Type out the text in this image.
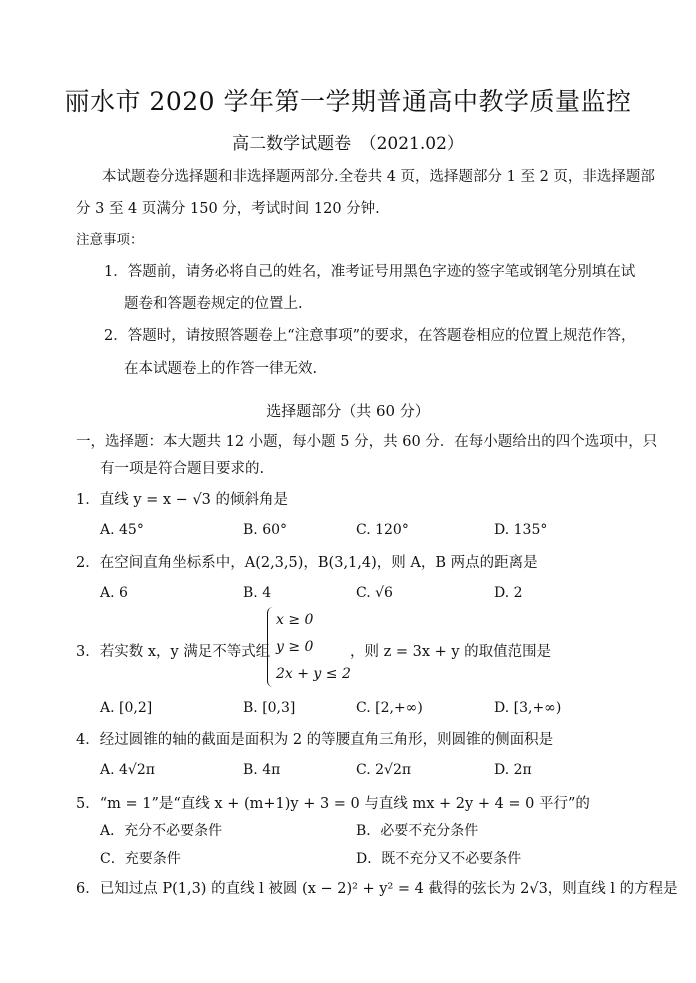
丽水市 2020 学年第一学期普通高中教学质量监控
高二数学试题卷　（2021.02）
本试题卷分选择题和非选择题两部分.全卷共 4 页，选择题部分 1 至 2 页，非选择题部
分 3 至 4 页满分 150 分，考试时间 120 分钟.
注意事项：
1．答题前，请务必将自己的姓名，准考证号用黑色字迹的签字笔或钢笔分别填在试
题卷和答题卷规定的位置上.
2．答题时，请按照答题卷上“注意事项”的要求，在答题卷相应的位置上规范作答，
在本试题卷上的作答一律无效.
选择题部分（共 60 分）
一，选择题：本大题共 12 小题，每小题 5 分，共 60 分．在每小题给出的四个选项中，只
有一项是符合题目要求的.
1．直线 y = x − √3 的倾斜角是
A. 45°	B. 60°	C. 120°	D. 135°
2．在空间直角坐标系中，A(2,3,5)，B(3,1,4)，则 A，B 两点的距离是
A. 6	B. 4	C. √6	D. 2
3．若实数 x，y 满足不等式组
x ≥ 0
y ≥ 0
2x + y ≤ 2
，则 z = 3x + y 的取值范围是
A. [0,2]	B. [0,3]	C. [2,+∞)	D. [3,+∞)
4．经过圆锥的轴的截面是面积为 2 的等腰直角三角形，则圆锥的侧面积是
A. 4√2π	B. 4π	C. 2√2π	D. 2π
5．“m = 1”是“直线 x + (m+1)y + 3 = 0 与直线 mx + 2y + 4 = 0 平行”的
A．充分不必要条件	B．必要不充分条件
C．充要条件	D．既不充分又不必要条件
6．已知过点 P(1,3) 的直线 l 被圆 (x − 2)² + y² = 4 截得的弦长为 2√3，则直线 l 的方程是
